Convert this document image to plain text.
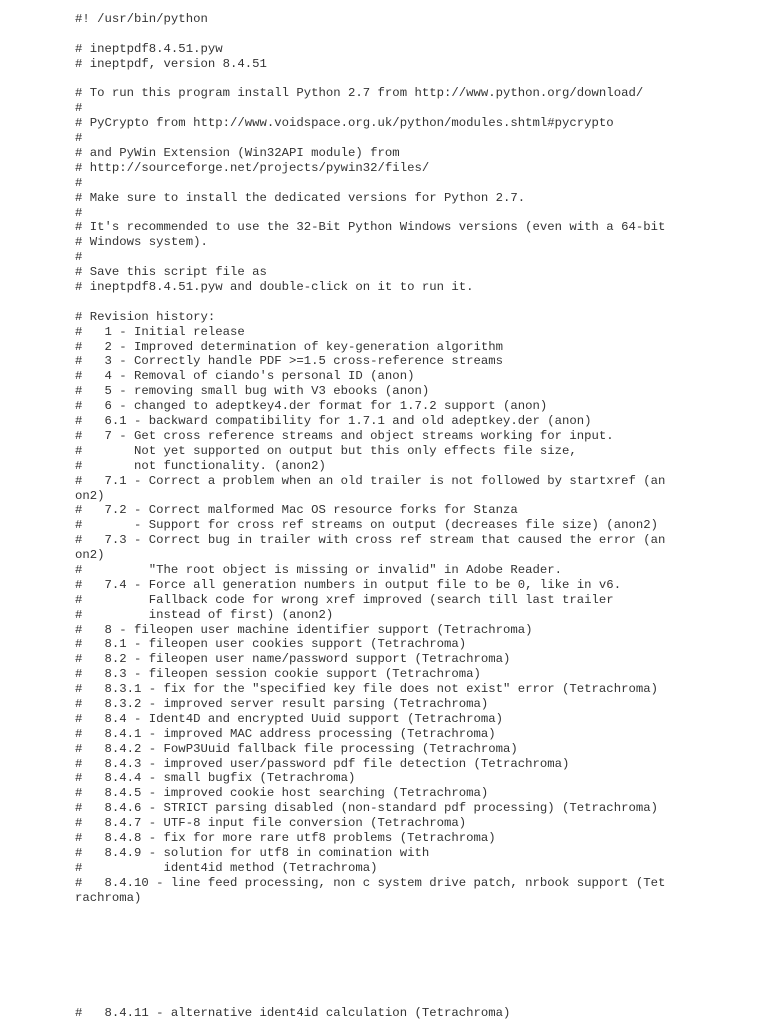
#! /usr/bin/python
# ineptpdf8.4.51.pyw
# ineptpdf, version 8.4.51
# To run this program install Python 2.7 from http://www.python.org/download/
#
# PyCrypto from http://www.voidspace.org.uk/python/modules.shtml#pycrypto
#
# and PyWin Extension (Win32API module) from
# http://sourceforge.net/projects/pywin32/files/
#
# Make sure to install the dedicated versions for Python 2.7.
#
# It's recommended to use the 32-Bit Python Windows versions (even with a 64-bit
# Windows system).
#
# Save this script file as
# ineptpdf8.4.51.pyw and double-click on it to run it.
# Revision history:
#   1 - Initial release
#   2 - Improved determination of key-generation algorithm
#   3 - Correctly handle PDF >=1.5 cross-reference streams
#   4 - Removal of ciando's personal ID (anon)
#   5 - removing small bug with V3 ebooks (anon)
#   6 - changed to adeptkey4.der format for 1.7.2 support (anon)
#   6.1 - backward compatibility for 1.7.1 and old adeptkey.der (anon)
#   7 - Get cross reference streams and object streams working for input.
#       Not yet supported on output but this only effects file size,
#       not functionality. (anon2)
#   7.1 - Correct a problem when an old trailer is not followed by startxref (an
on2)
#   7.2 - Correct malformed Mac OS resource forks for Stanza
#       - Support for cross ref streams on output (decreases file size) (anon2)
#   7.3 - Correct bug in trailer with cross ref stream that caused the error (an
on2)
#         "The root object is missing or invalid" in Adobe Reader.
#   7.4 - Force all generation numbers in output file to be 0, like in v6.
#         Fallback code for wrong xref improved (search till last trailer
#         instead of first) (anon2)
#   8 - fileopen user machine identifier support (Tetrachroma)
#   8.1 - fileopen user cookies support (Tetrachroma)
#   8.2 - fileopen user name/password support (Tetrachroma)
#   8.3 - fileopen session cookie support (Tetrachroma)
#   8.3.1 - fix for the "specified key file does not exist" error (Tetrachroma)
#   8.3.2 - improved server result parsing (Tetrachroma)
#   8.4 - Ident4D and encrypted Uuid support (Tetrachroma)
#   8.4.1 - improved MAC address processing (Tetrachroma)
#   8.4.2 - FowP3Uuid fallback file processing (Tetrachroma)
#   8.4.3 - improved user/password pdf file detection (Tetrachroma)
#   8.4.4 - small bugfix (Tetrachroma)
#   8.4.5 - improved cookie host searching (Tetrachroma)
#   8.4.6 - STRICT parsing disabled (non-standard pdf processing) (Tetrachroma)
#   8.4.7 - UTF-8 input file conversion (Tetrachroma)
#   8.4.8 - fix for more rare utf8 problems (Tetrachroma)
#   8.4.9 - solution for utf8 in comination with
#           ident4id method (Tetrachroma)
#   8.4.10 - line feed processing, non c system drive patch, nrbook support (Tet
rachroma)
#   8.4.11 - alternative ident4id calculation (Tetrachroma)
